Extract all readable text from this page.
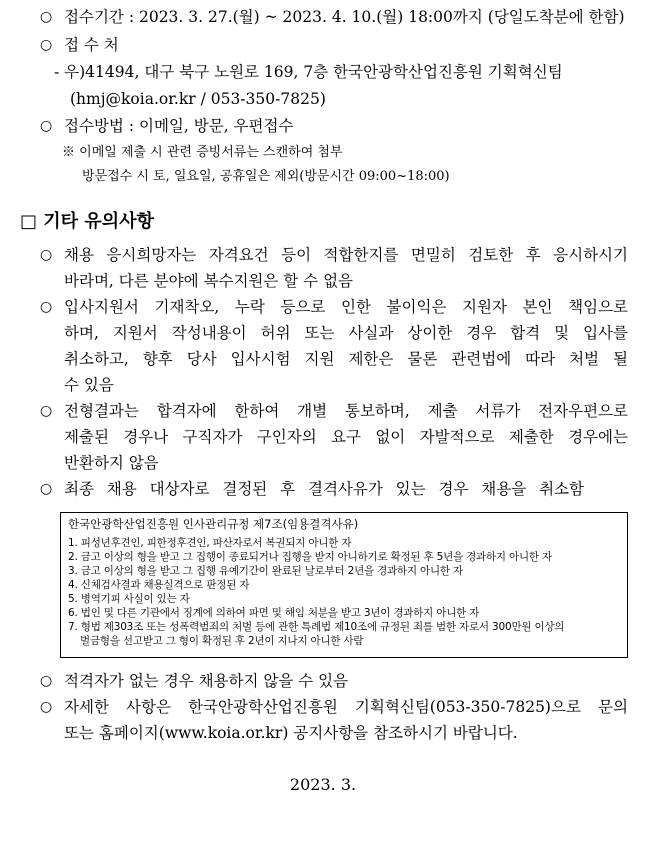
○ 접수기간 : 2023. 3. 27.(월) ~ 2023. 4. 10.(월) 18:00까지 (당일도착분에 한함)
○ 접 수 처
- 우)41494, 대구 북구 노원로 169, 7층 한국안광학산업진흥원 기획혁신팀
(hmj@koia.or.kr / 053-350-7825)
○ 접수방법 : 이메일, 방문, 우편접수
※ 이메일 제출 시 관련 증빙서류는 스캔하여 첨부
방문접수 시 토, 일요일, 공휴일은 제외(방문시간 09:00~18:00)
□ 기타 유의사항
○ 채용 응시희망자는 자격요건 등이 적합한지를 면밀히 검토한 후 응시하시기
바라며, 다른 분야에 복수지원은 할 수 없음
○ 입사지원서 기재착오, 누락 등으로 인한 불이익은 지원자 본인 책임으로
하며, 지원서 작성내용이 허위 또는 사실과 상이한 경우 합격 및 입사를
취소하고, 향후 당사 입사시험 지원 제한은 물론 관련법에 따라 처벌 될
수 있음
○ 전형결과는 합격자에 한하여 개별 통보하며, 제출 서류가 전자우편으로
제출된 경우나 구직자가 구인자의 요구 없이 자발적으로 제출한 경우에는
반환하지 않음
○ 최종 채용 대상자로 결정된 후 결격사유가 있는 경우 채용을 취소함
한국안광학산업진흥원 인사관리규정 제7조(임용결격사유)
1. 피성년후견인, 피한정후견인, 파산자로서 복권되지 아니한 자
2. 금고 이상의 형을 받고 그 집행이 종료되거나 집행을 받지 아니하기로 확정된 후 5년을 경과하지 아니한 자
3. 금고 이상의 형을 받고 그 집행 유예기간이 완료된 날로부터 2년을 경과하지 아니한 자
4. 신체검사결과 채용실격으로 판정된 자
5. 병역기피 사실이 있는 자
6. 법인 및 다른 기관에서 징계에 의하여 파면 및 해임 처분을 받고 3년이 경과하지 아니한 자
7. 형법 제303조 또는 성폭력범죄의 처벌 등에 관한 특례법 제10조에 규정된 죄를 범한 자로서 300만원 이상의
벌금형을 선고받고 그 형이 확정된 후 2년이 지나지 아니한 사람
○ 적격자가 없는 경우 채용하지 않을 수 있음
○ 자세한 사항은 한국안광학산업진흥원 기획혁신팀(053-350-7825)으로 문의
또는 홈페이지(www.koia.or.kr) 공지사항을 참조하시기 바랍니다.
2023. 3.
